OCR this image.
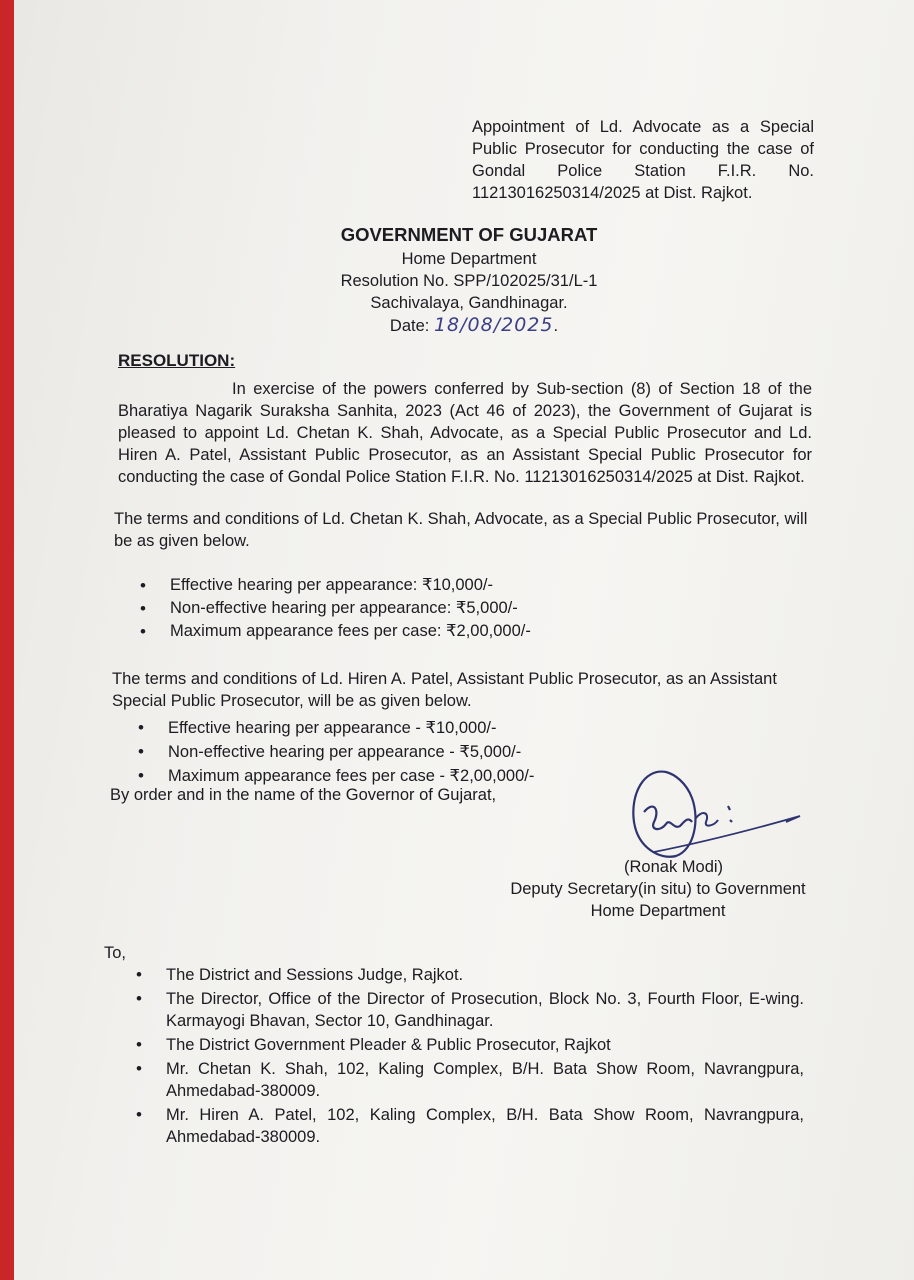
Appointment of Ld. Advocate as a Special Public Prosecutor for conducting the case of Gondal Police Station F.I.R. No. 11213016250314/2025 at Dist. Rajkot.
GOVERNMENT OF GUJARAT
Home Department
Resolution No. SPP/102025/31/L-1
Sachivalaya, Gandhinagar.
Date: 18/08/2025.
RESOLUTION:
In exercise of the powers conferred by Sub-section (8) of Section 18 of the Bharatiya Nagarik Suraksha Sanhita, 2023 (Act 46 of 2023), the Government of Gujarat is pleased to appoint Ld. Chetan K. Shah, Advocate, as a Special Public Prosecutor and Ld. Hiren A. Patel, Assistant Public Prosecutor, as an Assistant Special Public Prosecutor for conducting the case of Gondal Police Station F.I.R. No. 11213016250314/2025 at Dist. Rajkot.
The terms and conditions of Ld. Chetan K. Shah, Advocate, as a Special Public Prosecutor, will be as given below.
• Effective hearing per appearance: ₹10,000/-
• Non-effective hearing per appearance: ₹5,000/-
• Maximum appearance fees per case: ₹2,00,000/-
The terms and conditions of Ld. Hiren A. Patel, Assistant Public Prosecutor, as an Assistant Special Public Prosecutor, will be as given below.
• Effective hearing per appearance - ₹10,000/-
• Non-effective hearing per appearance - ₹5,000/-
• Maximum appearance fees per case - ₹2,00,000/-
By order and in the name of the Governor of Gujarat,
(Ronak Modi)
Deputy Secretary(in situ) to Government
Home Department
To,
• The District and Sessions Judge, Rajkot.
• The Director, Office of the Director of Prosecution, Block No. 3, Fourth Floor, E-wing. Karmayogi Bhavan, Sector 10, Gandhinagar.
• The District Government Pleader & Public Prosecutor, Rajkot
• Mr. Chetan K. Shah, 102, Kaling Complex, B/H. Bata Show Room, Navrangpura, Ahmedabad-380009.
• Mr. Hiren A. Patel, 102, Kaling Complex, B/H. Bata Show Room, Navrangpura, Ahmedabad-380009.
